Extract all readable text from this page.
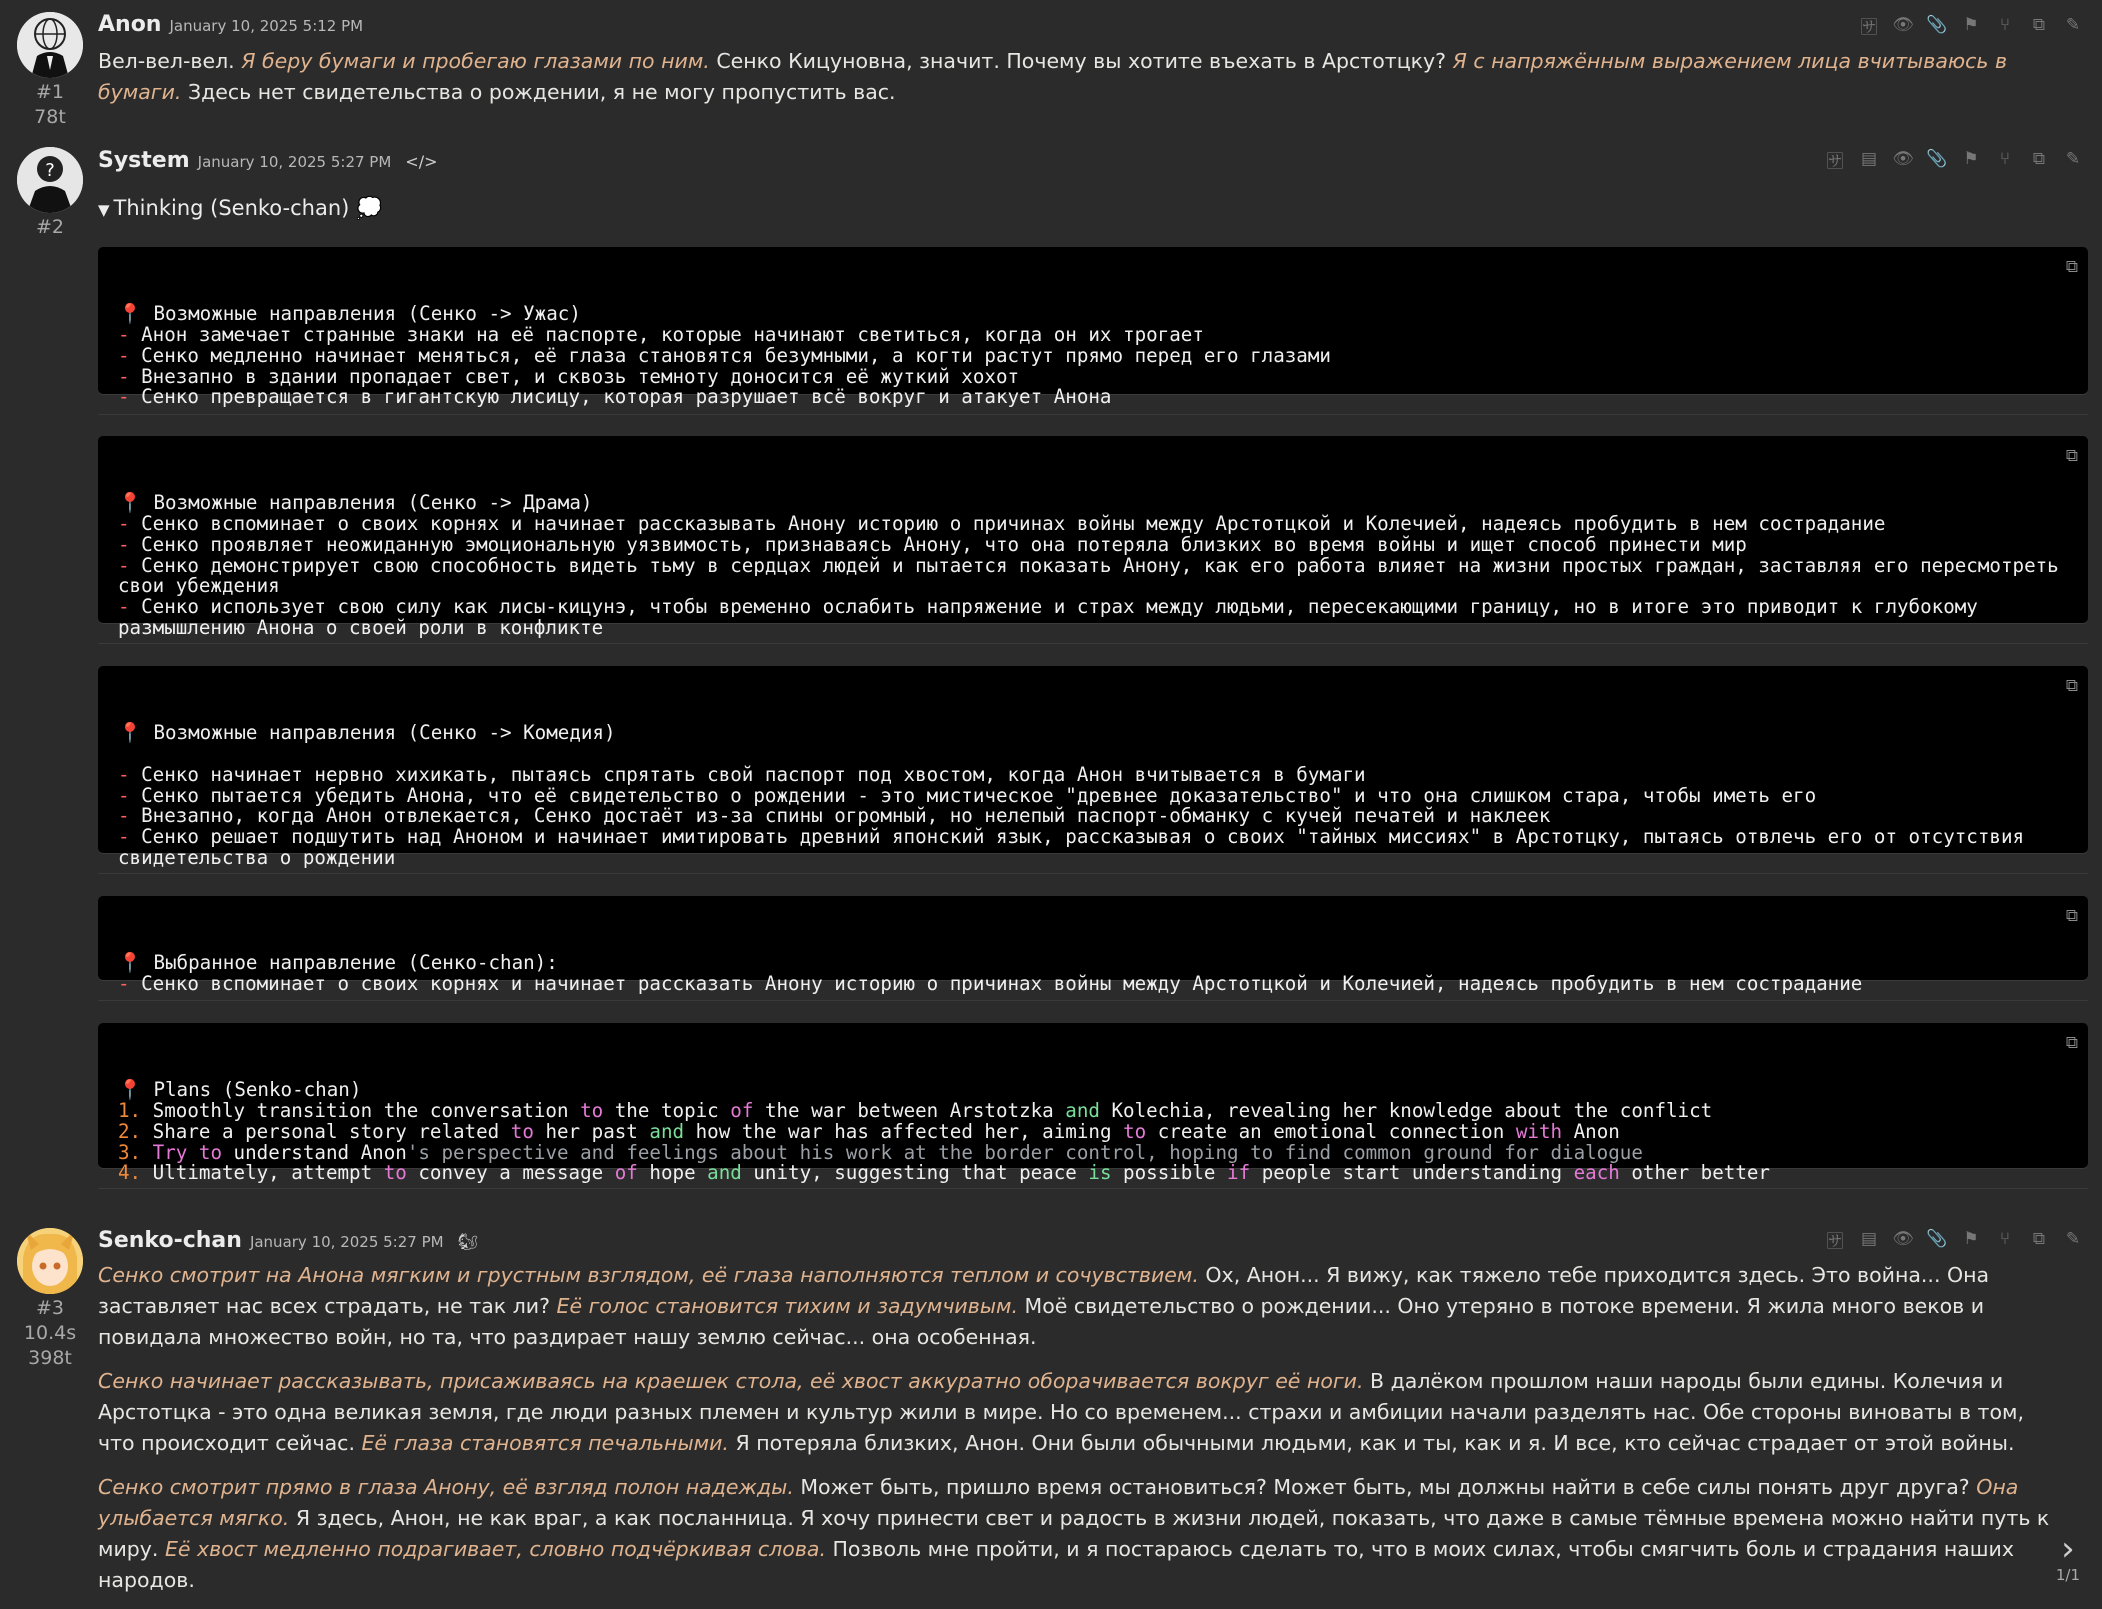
#1
78t
Anon January 10, 2025 5:12 PM	🈂 👁 📎 ⚑	⑂	⧉ ✎

Вел-вел-вел. Я беру бумаги и пробегаю глазами по ним. Сенко Кицуновна, значит. Почему вы хотите въехать в Арстотцку? Я с напряжённым выражением лица вчитываюсь в бумаги. Здесь нет свидетельства о рождении, я не могу пропустить вас.

?
#2
System January 10, 2025 5:27 PM </>	🈂 ▤ 👁 📎 ⚑	⑂	⧉ ✎
▼ Thinking (Senko-chan) 💭

⧉

📍 Возможные направления (Сенко -> Ужас)
- Анон замечает странные знаки на её паспорте, которые начинают светиться, когда он их трогает
- Сенко медленно начинает меняться, её глаза становятся безумными, а когти растут прямо перед его глазами
- Внезапно в здании пропадает свет, и сквозь темноту доносится её жуткий хохот
- Сенко превращается в гигантскую лисицу, которая разрушает всё вокруг и атакует Анона

⧉

📍 Возможные направления (Сенко -> Драма)
- Сенко вспоминает о своих корнях и начинает рассказывать Анону историю о причинах войны между Арстотцкой и Колечией, надеясь пробудить в нем сострадание
- Сенко проявляет неожиданную эмоциональную уязвимость, признаваясь Анону, что она потеряла близких во время войны и ищет способ принести мир
- Сенко демонстрирует свою способность видеть тьму в сердцах людей и пытается показать Анону, как его работа влияет на жизни простых граждан, заставляя его пересмотреть свои убеждения
- Сенко использует свою силу как лисы-кицунэ, чтобы временно ослабить напряжение и страх между людьми, пересекающими границу, но в итоге это приводит к глубокому размышлению Анона о своей роли в конфликте

⧉

📍 Возможные направления (Сенко -> Комедия)

- Сенко начинает нервно хихикать, пытаясь спрятать свой паспорт под хвостом, когда Анон вчитывается в бумаги
- Сенко пытается убедить Анона, что её свидетельство о рождении - это мистическое "древнее доказательство" и что она слишком стара, чтобы иметь его
- Внезапно, когда Анон отвлекается, Сенко достаёт из-за спины огромный, но нелепый паспорт-обманку с кучей печатей и наклеек
- Сенко решает подшутить над Аноном и начинает имитировать древний японский язык, рассказывая о своих "тайных миссиях" в Арстотцку, пытаясь отвлечь его от отсутствия свидетельства о рождении

⧉

📍 Выбранное направление (Сенко-chan):
- Сенко вспоминает о своих корнях и начинает рассказать Анону историю о причинах войны между Арстотцкой и Колечией, надеясь пробудить в нем сострадание

⧉

📍 Plans (Senko-chan)
1. Smoothly transition the conversation to the topic of the war between Arstotzka and Kolechia, revealing her knowledge about the conflict
2. Share a personal story related to her past and how the war has affected her, aiming to create an emotional connection with Anon
3. Try to understand Anon's perspective and feelings about his work at the border control, hoping to find common ground for dialogue
4. Ultimately, attempt to convey a message of hope and unity, suggesting that peace is possible if people start understanding each other better
#3
10.4s
398t
Senko-chan January 10, 2025 5:27 PM 🐿	🈂 ▤ 👁 📎 ⚑	⑂	⧉ ✎

Сенко смотрит на Анона мягким и грустным взглядом, её глаза наполняются теплом и сочувствием. Ох, Анон... Я вижу, как тяжело тебе приходится здесь. Это война... Она заставляет нас всех страдать, не так ли? Её голос становится тихим и задумчивым. Моё свидетельство о рождении... Оно утеряно в потоке времени. Я жила много веков и повидала множество войн, но та, что раздирает нашу землю сейчас... она особенная.

Сенко начинает рассказывать, присаживаясь на краешек стола, её хвост аккуратно оборачивается вокруг её ноги. В далёком прошлом наши народы были едины. Колечия и Арстотцка - это одна великая земля, где люди разных племен и культур жили в мире. Но со временем... страхи и амбиции начали разделять нас. Обе стороны виноваты в том, что происходит сейчас. Её глаза становятся печальными. Я потеряла близких, Анон. Они были обычными людьми, как и ты, как и я. И все, кто сейчас страдает от этой войны.

Сенко смотрит прямо в глаза Анону, её взгляд полон надежды. Может быть, пришло время остановиться? Может быть, мы должны найти в себе силы понять друг друга? Она улыбается мягко. Я здесь, Анон, не как враг, а как посланница. Я хочу принести свет и радость в жизни людей, показать, что даже в самые тёмные времена можно найти путь к миру. Её хвост медленно подрагивает, словно подчёркивая слова. Позволь мне пройти, и я постараюсь сделать то, что в моих силах, чтобы смягчить боль и страдания наших народов.

›
1/1
